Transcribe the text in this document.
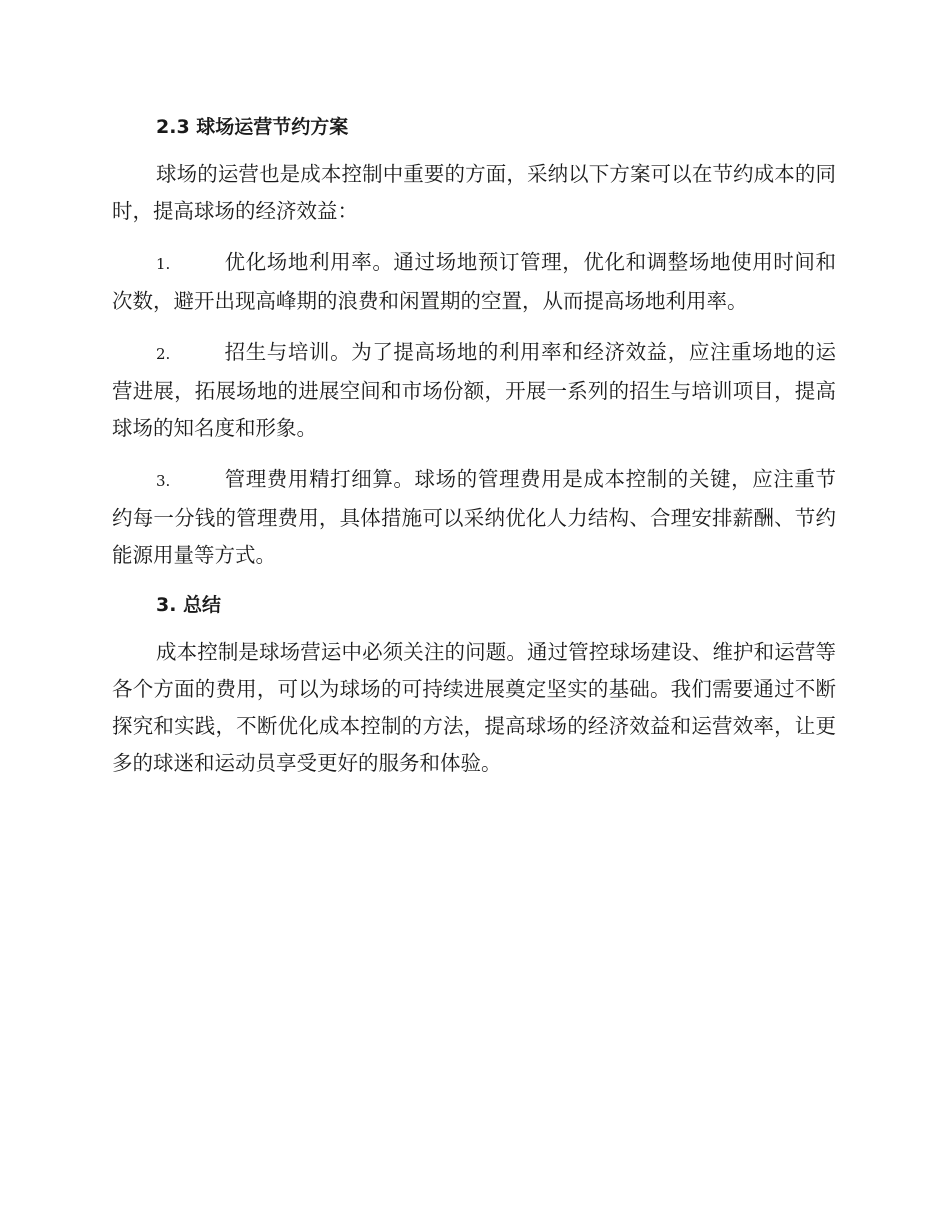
2.3 球场运营节约方案

球场的运营也是成本控制中重要的方面，采纳以下方案可以在节约成本的同时，提高球场的经济效益：

1.	优化场地利用率。通过场地预订管理，优化和调整场地使用时间和次数，避开出现高峰期的浪费和闲置期的空置，从而提高场地利用率。

2.	招生与培训。为了提高场地的利用率和经济效益，应注重场地的运营进展，拓展场地的进展空间和市场份额，开展一系列的招生与培训项目，提高球场的知名度和形象。

3.	管理费用精打细算。球场的管理费用是成本控制的关键，应注重节约每一分钱的管理费用，具体措施可以采纳优化人力结构、合理安排薪酬、节约能源用量等方式。

3. 总结

成本控制是球场营运中必须关注的问题。通过管控球场建设、维护和运营等各个方面的费用，可以为球场的可持续进展奠定坚实的基础。我们需要通过不断探究和实践，不断优化成本控制的方法，提高球场的经济效益和运营效率，让更多的球迷和运动员享受更好的服务和体验。
